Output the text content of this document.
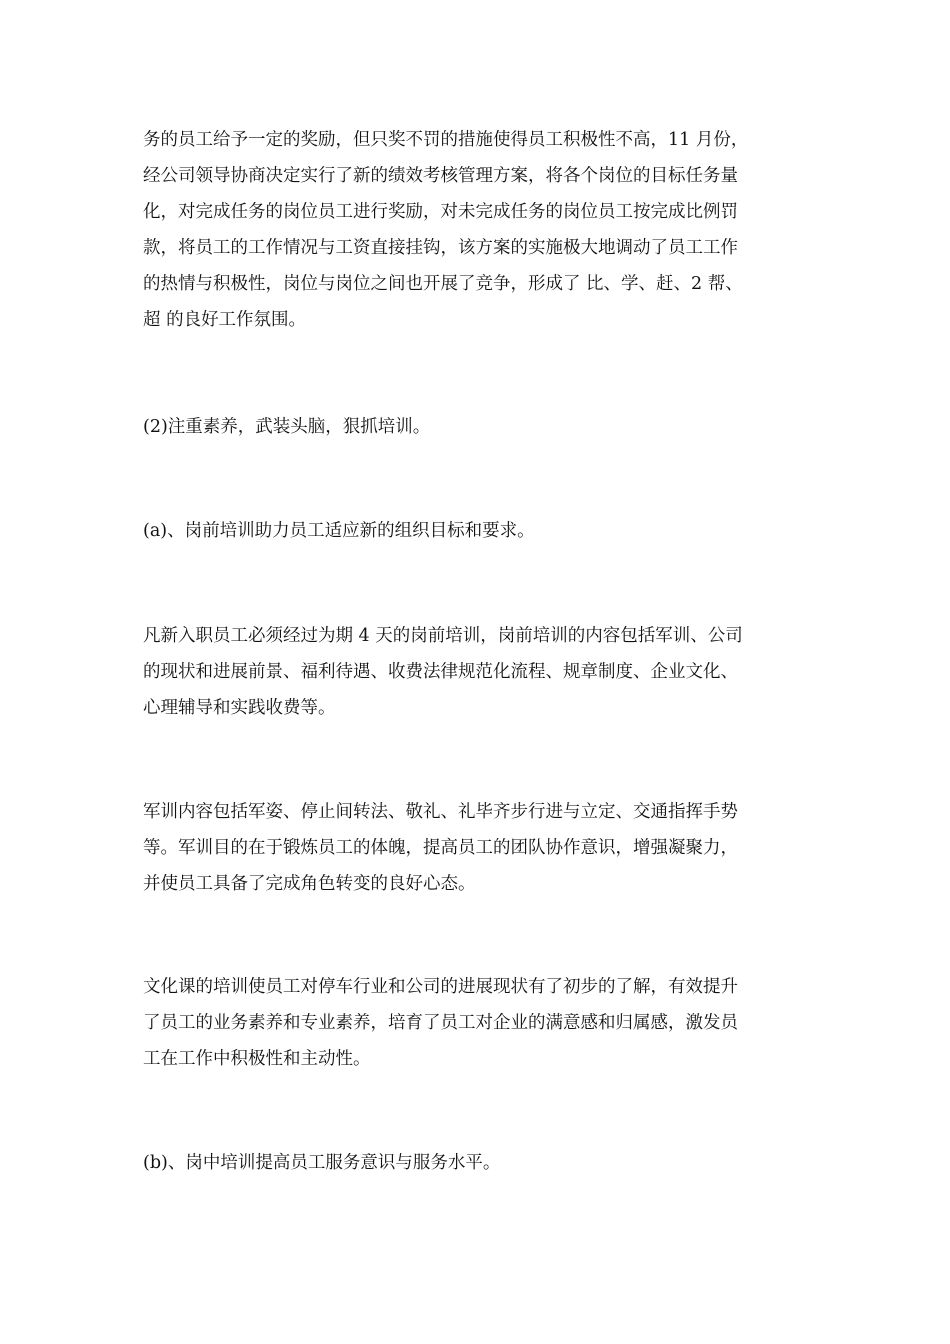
务的员工给予一定的奖励，但只奖不罚的措施使得员工积极性不高，11 月份，
经公司领导协商决定实行了新的绩效考核管理方案，将各个岗位的目标任务量
化，对完成任务的岗位员工进行奖励，对未完成任务的岗位员工按完成比例罚
款，将员工的工作情况与工资直接挂钩，该方案的实施极大地调动了员工工作
的热情与积极性，岗位与岗位之间也开展了竞争，形成了 比、学、赶、2 帮、
超 的良好工作氛围。
(2)注重素养，武装头脑，狠抓培训。
(a)、岗前培训助力员工适应新的组织目标和要求。
凡新入职员工必须经过为期 4 天的岗前培训，岗前培训的内容包括军训、公司
的现状和进展前景、福利待遇、收费法律规范化流程、规章制度、企业文化、
心理辅导和实践收费等。
军训内容包括军姿、停止间转法、敬礼、礼毕齐步行进与立定、交通指挥手势
等。军训目的在于锻炼员工的体魄，提高员工的团队协作意识，增强凝聚力，
并使员工具备了完成角色转变的良好心态。
文化课的培训使员工对停车行业和公司的进展现状有了初步的了解，有效提升
了员工的业务素养和专业素养，培育了员工对企业的满意感和归属感，激发员
工在工作中积极性和主动性。
(b)、岗中培训提高员工服务意识与服务水平。
